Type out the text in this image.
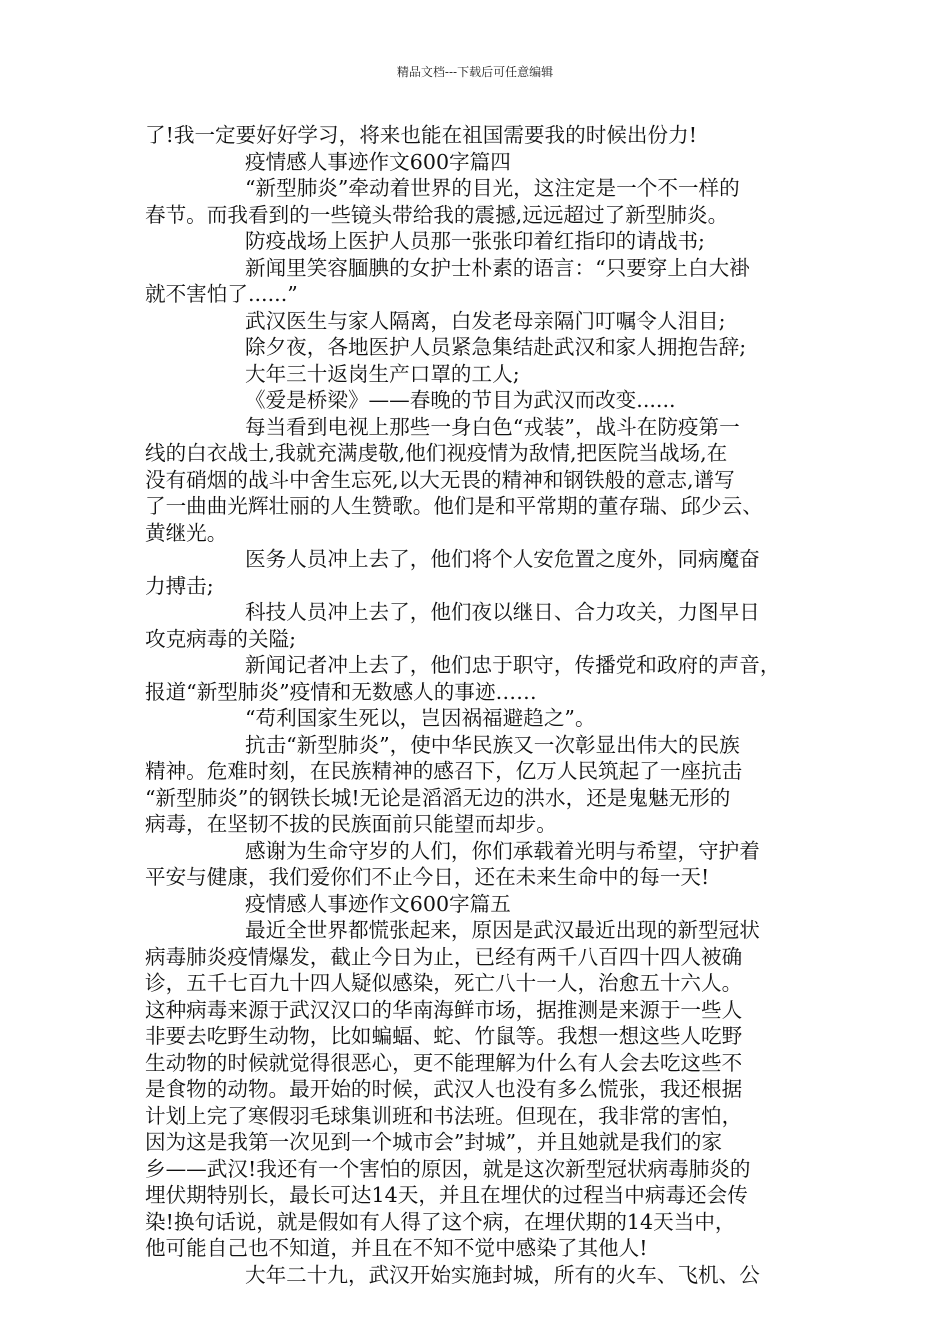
精品文档---下载后可任意编辑
了!我一定要好好学习，将来也能在祖国需要我的时候出份力!
疫情感人事迹作文600字篇四
“新型肺炎”牵动着世界的目光，这注定是一个不一样的
春节。而我看到的一些镜头带给我的震撼,远远超过了新型肺炎。
防疫战场上医护人员那一张张印着红指印的请战书;
新闻里笑容腼腆的女护士朴素的语言：“只要穿上白大褂
就不害怕了......”
武汉医生与家人隔离，白发老母亲隔门叮嘱令人泪目;
除夕夜，各地医护人员紧急集结赴武汉和家人拥抱告辞;
大年三十返岗生产口罩的工人;
《爱是桥梁》——春晚的节目为武汉而改变......
每当看到电视上那些一身白色“戎装”，战斗在防疫第一
线的白衣战士,我就充满虔敬,他们视疫情为敌情,把医院当战场,在
没有硝烟的战斗中舍生忘死,以大无畏的精神和钢铁般的意志,谱写
了一曲曲光辉壮丽的人生赞歌。他们是和平常期的董存瑞、邱少云、
黄继光。
医务人员冲上去了，他们将个人安危置之度外，同病魔奋
力搏击;
科技人员冲上去了，他们夜以继日、合力攻关，力图早日
攻克病毒的关隘;
新闻记者冲上去了，他们忠于职守，传播党和政府的声音，
报道“新型肺炎”疫情和无数感人的事迹……
“苟利国家生死以，岂因祸福避趋之”。
抗击“新型肺炎”，使中华民族又一次彰显出伟大的民族
精神。危难时刻，在民族精神的感召下，亿万人民筑起了一座抗击
“新型肺炎”的钢铁长城!无论是滔滔无边的洪水，还是鬼魅无形的
病毒，在坚韧不拔的民族面前只能望而却步。
感谢为生命守岁的人们，你们承载着光明与希望，守护着
平安与健康，我们爱你们不止今日，还在未来生命中的每一天!
疫情感人事迹作文600字篇五
最近全世界都慌张起来，原因是武汉最近出现的新型冠状
病毒肺炎疫情爆发，截止今日为止，已经有两千八百四十四人被确
诊，五千七百九十四人疑似感染，死亡八十一人，治愈五十六人。
这种病毒来源于武汉汉口的华南海鲜市场，据推测是来源于一些人
非要去吃野生动物，比如蝙蝠、蛇、竹鼠等。我想一想这些人吃野
生动物的时候就觉得很恶心，更不能理解为什么有人会去吃这些不
是食物的动物。最开始的时候，武汉人也没有多么慌张，我还根据
计划上完了寒假羽毛球集训班和书法班。但现在，我非常的害怕，
因为这是我第一次见到一个城市会”封城”，并且她就是我们的家
乡——武汉!我还有一个害怕的原因，就是这次新型冠状病毒肺炎的
埋伏期特别长，最长可达14天，并且在埋伏的过程当中病毒还会传
染!换句话说，就是假如有人得了这个病，在埋伏期的14天当中，
他可能自己也不知道，并且在不知不觉中感染了其他人!
大年二十九，武汉开始实施封城，所有的火车、飞机、公
